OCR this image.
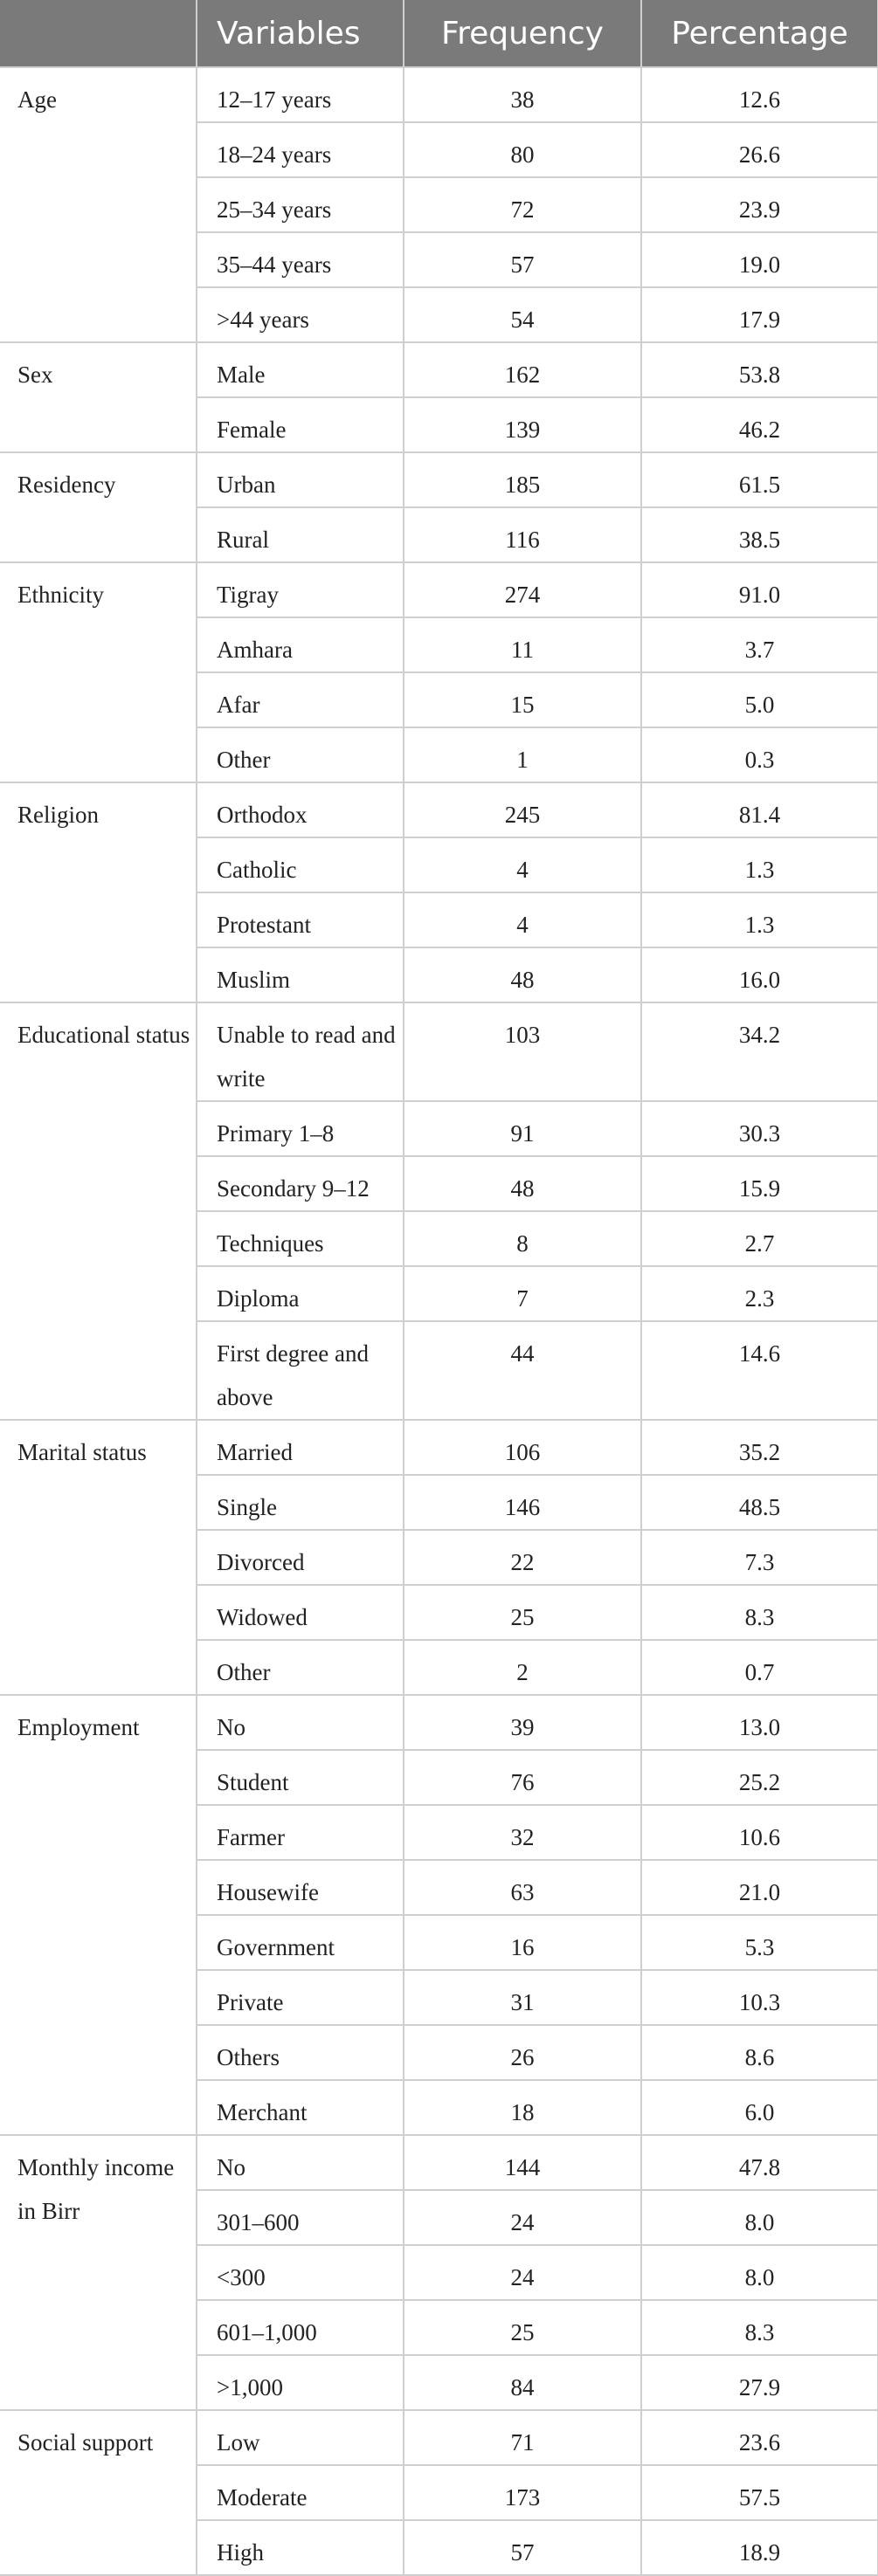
	Variables	Frequency	Percentage
Age	12–17 years	38	12.6
	18–24 years	80	26.6
	25–34 years	72	23.9
	35–44 years	57	19.0
	>44 years	54	17.9
Sex	Male	162	53.8
	Female	139	46.2
Residency	Urban	185	61.5
	Rural	116	38.5
Ethnicity	Tigray	274	91.0
	Amhara	11	3.7
	Afar	15	5.0
	Other	1	0.3
Religion	Orthodox	245	81.4
	Catholic	4	1.3
	Protestant	4	1.3
	Muslim	48	16.0
Educational status	Unable to read and write	103	34.2
	Primary 1–8	91	30.3
	Secondary 9–12	48	15.9
	Techniques	8	2.7
	Diploma	7	2.3
	First degree and above	44	14.6
Marital status	Married	106	35.2
	Single	146	48.5
	Divorced	22	7.3
	Widowed	25	8.3
	Other	2	0.7
Employment	No	39	13.0
	Student	76	25.2
	Farmer	32	10.6
	Housewife	63	21.0
	Government	16	5.3
	Private	31	10.3
	Others	26	8.6
	Merchant	18	6.0
Monthly income in Birr	No	144	47.8
	301–600	24	8.0
	<300	24	8.0
	601–1,000	25	8.3
	>1,000	84	27.9
Social support	Low	71	23.6
	Moderate	173	57.5
	High	57	18.9
